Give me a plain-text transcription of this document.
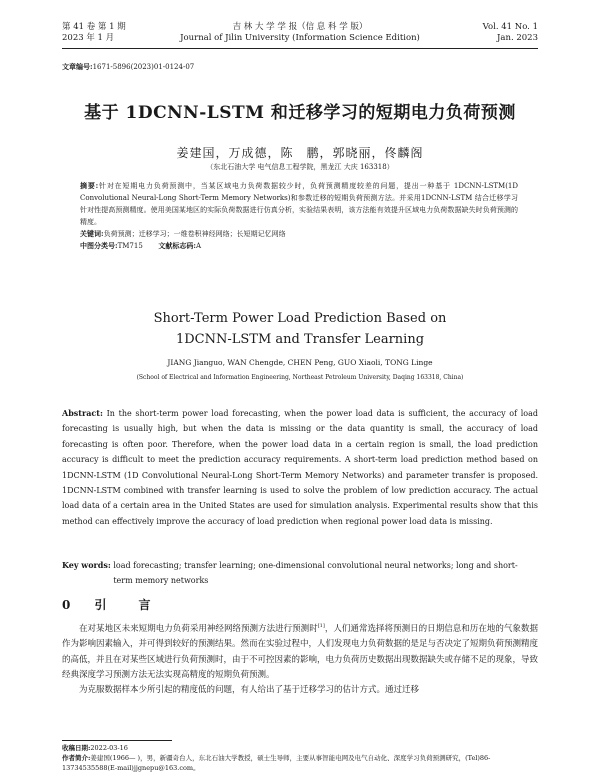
第 41 卷 第 1 期
2023 年 1 月
吉 林 大 学 学 报（信 息 科 学 版）
Journal of Jilin University (Information Science Edition)
Vol. 41 No. 1
Jan. 2023
文章编号:1671-5896(2023)01-0124-07
基于 1DCNN-LSTM 和迁移学习的短期电力负荷预测
姜建国，万成德，陈　鹏，郭晓丽，佟麟阁
（东北石油大学 电气信息工程学院，黑龙江 大庆 163318）

摘要:针对在短期电力负荷预测中，当某区域电力负荷数据较少时，负荷预测精度较差的问题，提出一种基于 1DCNN-LSTM(1D Convolutional Neural-Long Short-Term Memory Networks)和参数迁移的短期负荷预测方法。并采用1DCNN-LSTM 结合迁移学习针对性提高预测精度。使用美国某地区的实际负荷数据进行仿真分析，实验结果表明，该方法能有效提升区域电力负荷数据缺失时负荷预测的精度。

关键词:负荷预测；迁移学习；一维卷积神经网络；长短期记忆网络

中图分类号:TM715 文献标志码:A

Short-Term Power Load Prediction Based on
1DCNN-LSTM and Transfer Learning
JIANG Jianguo, WAN Chengde, CHEN Peng, GUO Xiaoli, TONG Linge
(School of Electrical and Information Engineering, Northeast Petroleum University, Daqing 163318, China)
Abstract: In the short-term power load forecasting, when the power load data is sufficient, the accuracy of load forecasting is usually high, but when the data is missing or the data quantity is small, the accuracy of load forecasting is often poor. Therefore, when the power load data in a certain region is small, the load prediction accuracy is difficult to meet the prediction accuracy requirements. A short-term load prediction method based on 1DCNN-LSTM (1D Convolutional Neural-Long Short-Term Memory Networks) and parameter transfer is proposed. 1DCNN-LSTM combined with transfer learning is used to solve the problem of low prediction accuracy. The actual load data of a certain area in the United States are used for simulation analysis. Experimental results show that this method can effectively improve the accuracy of load prediction when regional power load data is missing.
Key words: load forecasting; transfer learning; one-dimensional convolutional neural networks; long and short-term memory networks
0 引　言

在对某地区未来短期电力负荷采用神经网络预测方法进行预测时[1]，人们通常选择将预测日的日期信息和历在地的气象数据作为影响因素输入，并可得到较好的预测结果。然而在实验过程中，人们发现电力负荷数据的是足与否决定了短期负荷预测精度的高低，并且在对某些区域进行负荷预测时，由于不可控因素的影响，电力负荷历史数据出现数据缺失或存储不足的现象，导致经典深度学习预测方法无法实现高精度的短期负荷预测。

为克服数据样本少所引起的精度低的问题，有人给出了基于迁移学习的估计方式。通过迁移

收稿日期:2022-03-16
作者简介:姜建国(1966— )，男，新疆奇台人，东北石油大学教授，硕士生导师，主要从事智能电网及电气自动化、深度学习负荷预测研究，(Tel)86-13734535588(E-mail)jjgnepu@163.com。
